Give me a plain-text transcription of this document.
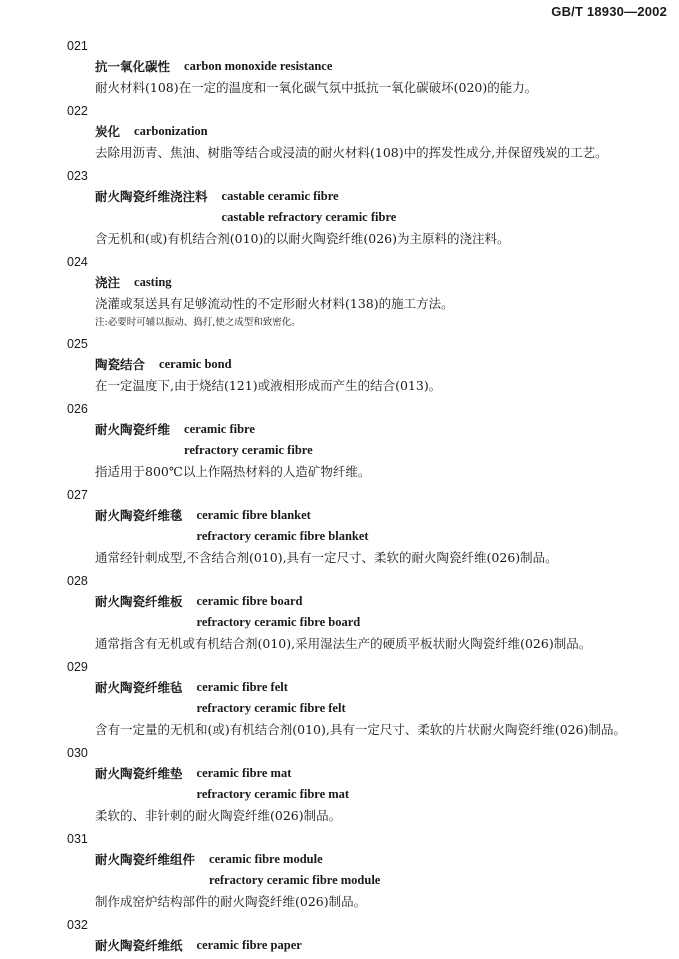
GB/T 18930—2002
021
抗一氧化碳性 carbon monoxide resistance
耐火材料(108)在一定的温度和一氧化碳气氛中抵抗一氧化碳破坏(020)的能力。
022
炭化 carbonization
去除用沥青、焦油、树脂等结合或浸渍的耐火材料(108)中的挥发性成分,并保留残炭的工艺。
023
耐火陶瓷纤维浇注料 castable ceramic fibre
castable refractory ceramic fibre
含无机和(或)有机结合剂(010)的以耐火陶瓷纤维(026)为主原料的浇注料。
024
浇注 casting
浇灌或泵送具有足够流动性的不定形耐火材料(138)的施工方法。
注:必要时可辅以振动、捣打,使之成型和致密化。
025
陶瓷结合 ceramic bond
在一定温度下,由于烧结(121)或液相形成而产生的结合(013)。
026
耐火陶瓷纤维 ceramic fibre
refractory ceramic fibre
指适用于800℃以上作隔热材料的人造矿物纤维。
027
耐火陶瓷纤维毯 ceramic fibre blanket
refractory ceramic fibre blanket
通常经针刺成型,不含结合剂(010),具有一定尺寸、柔软的耐火陶瓷纤维(026)制品。
028
耐火陶瓷纤维板 ceramic fibre board
refractory ceramic fibre board
通常指含有无机或有机结合剂(010),采用湿法生产的硬质平板状耐火陶瓷纤维(026)制品。
029
耐火陶瓷纤维毡 ceramic fibre felt
refractory ceramic fibre felt
含有一定量的无机和(或)有机结合剂(010),具有一定尺寸、柔软的片状耐火陶瓷纤维(026)制品。
030
耐火陶瓷纤维垫 ceramic fibre mat
refractory ceramic fibre mat
柔软的、非针刺的耐火陶瓷纤维(026)制品。
031
耐火陶瓷纤维组件 ceramic fibre module
refractory ceramic fibre module
制作成窑炉结构部件的耐火陶瓷纤维(026)制品。
032
耐火陶瓷纤维纸 ceramic fibre paper
